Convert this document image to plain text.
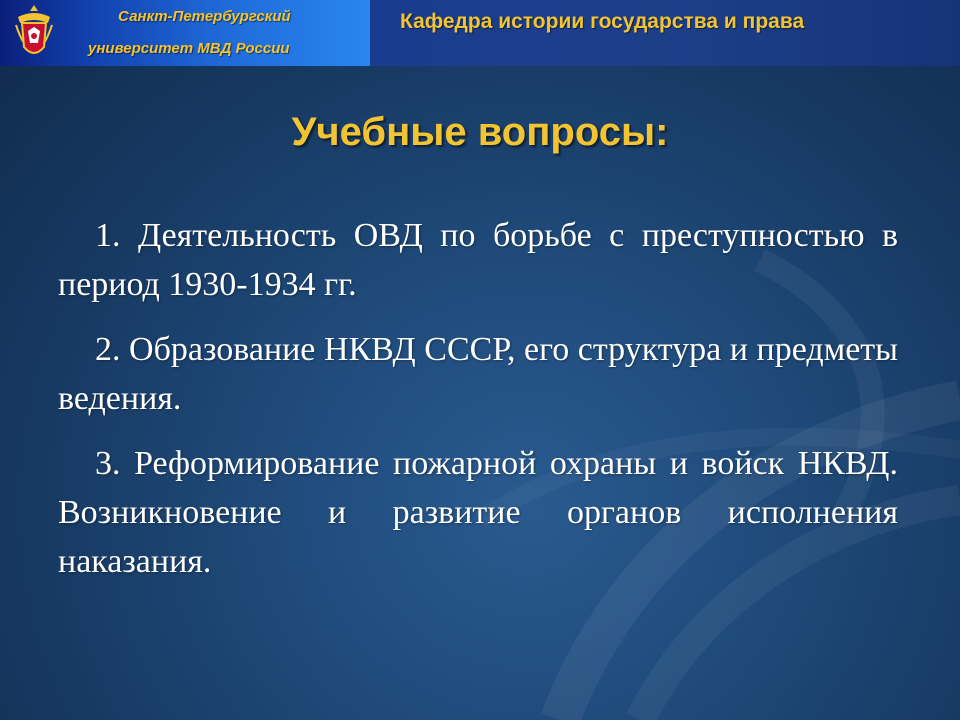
Санкт-Петербургский
университет МВД России
Кафедра истории государства и права
Учебные вопросы:

1. Деятельность ОВД по борьбе с преступностью в период 1930-1934 гг.

2. Образование НКВД СССР, его структура и предметы ведения.

3. Реформирование пожарной охраны и войск НКВД. Возникновение и развитие органов исполнения наказания.
